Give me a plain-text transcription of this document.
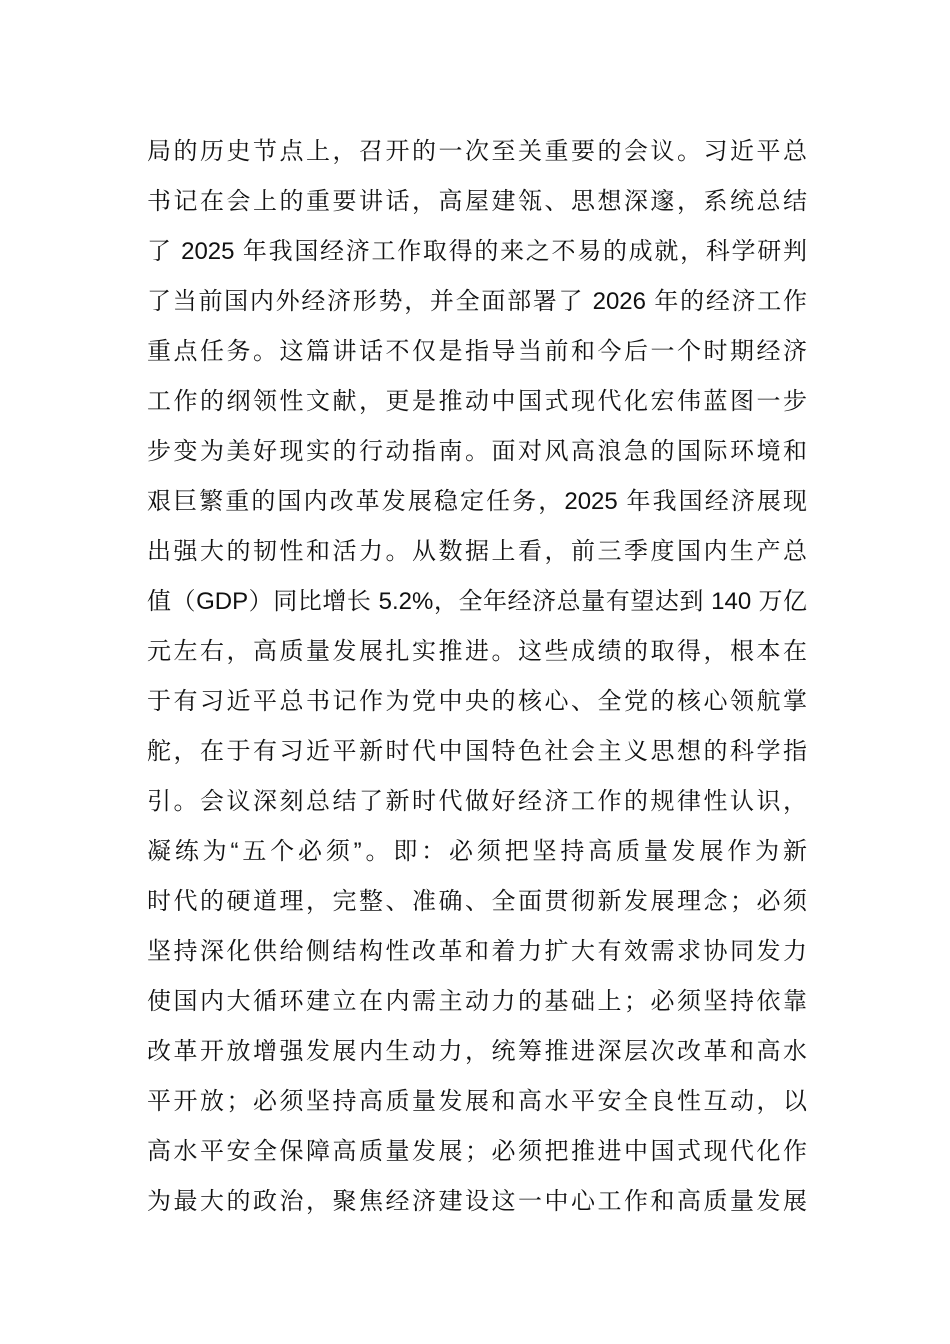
局的历史节点上，召开的一次至关重要的会议。习近平总
书记在会上的重要讲话，高屋建瓴、思想深邃，系统总结
了 2025 年我国经济工作取得的来之不易的成就，科学研判
了当前国内外经济形势，并全面部署了 2026 年的经济工作
重点任务。这篇讲话不仅是指导当前和今后一个时期经济
工作的纲领性文献，更是推动中国式现代化宏伟蓝图一步
步变为美好现实的行动指南。面对风高浪急的国际环境和
艰巨繁重的国内改革发展稳定任务，2025 年我国经济展现
出强大的韧性和活力。从数据上看，前三季度国内生产总
值（GDP）同比增长 5.2%，全年经济总量有望达到 140 万亿
元左右，高质量发展扎实推进。这些成绩的取得，根本在
于有习近平总书记作为党中央的核心、全党的核心领航掌
舵，在于有习近平新时代中国特色社会主义思想的科学指
引。会议深刻总结了新时代做好经济工作的规律性认识，
凝练为“五个必须”。即：必须把坚持高质量发展作为新
时代的硬道理，完整、准确、全面贯彻新发展理念；必须
坚持深化供给侧结构性改革和着力扩大有效需求协同发力
使国内大循环建立在内需主动力的基础上；必须坚持依靠
改革开放增强发展内生动力，统筹推进深层次改革和高水
平开放；必须坚持高质量发展和高水平安全良性互动，以
高水平安全保障高质量发展；必须把推进中国式现代化作
为最大的政治，聚焦经济建设这一中心工作和高质量发展
